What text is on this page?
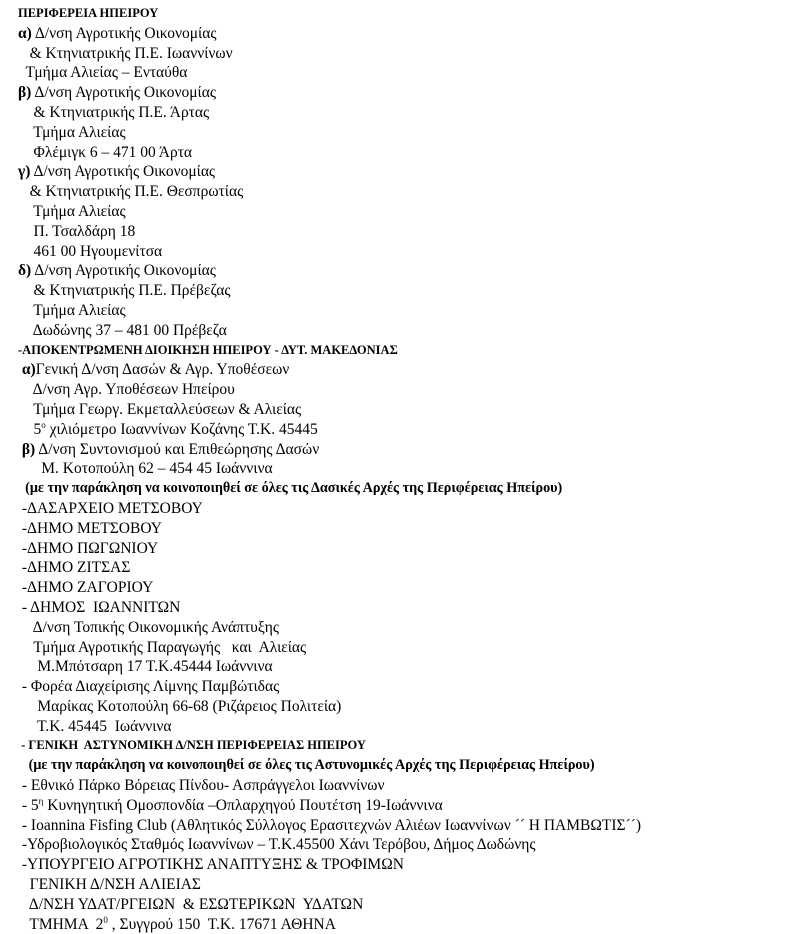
ΠΕΡΙΦΕΡΕΙΑ ΗΠΕΙΡΟΥ
α) Δ/νση Αγροτικής Οικονομίας
& Κτηνιατρικής Π.Ε. Ιωαννίνων
Τμήμα Αλιείας – Ενταύθα
β) Δ/νση Αγροτικής Οικονομίας
& Κτηνιατρικής Π.Ε. Άρτας
Τμήμα Αλιείας
Φλέμιγκ 6 – 471 00 Άρτα
γ) Δ/νση Αγροτικής Οικονομίας
& Κτηνιατρικής Π.Ε. Θεσπρωτίας
Τμήμα Αλιείας
Π. Τσαλδάρη 18
461 00 Ηγουμενίτσα
δ) Δ/νση Αγροτικής Οικονομίας
& Κτηνιατρικής Π.Ε. Πρέβεζας
Τμήμα Αλιείας
Δωδώνης 37 – 481 00 Πρέβεζα
-ΑΠΟΚΕΝΤΡΩΜΕΝΗ ΔΙΟΙΚΗΣΗ ΗΠΕΙΡΟΥ - ΔΥΤ. ΜΑΚΕΔΟΝΙΑΣ
α)Γενική Δ/νση Δασών & Αγρ. Υποθέσεων
Δ/νση Αγρ. Υποθέσεων Ηπείρου
Τμήμα Γεωργ. Εκμεταλλεύσεων & Αλιείας
$5^o$ χιλιόμετρο Ιωαννίνων Κοζάνης Τ.Κ. 45445
β) Δ/νση Συντονισμού και Επιθεώρησης Δασών
Μ. Κοτοπούλη 62 – 454 45 Ιωάννινα
(με την παράκληση να κοινοποιηθεί σε όλες τις Δασικές Αρχές της Περιφέρειας Ηπείρου)
-ΔΑΣΑΡΧΕΙΟ ΜΕΤΣΟΒΟΥ
-ΔΗΜΟ ΜΕΤΣΟΒΟΥ
-ΔΗΜΟ ΠΩΓΩΝΙΟΥ
-ΔΗΜΟ ΖΙΤΣΑΣ
-ΔΗΜΟ ΖΑΓΟΡΙΟΥ
- ΔΗΜΟΣ  ΙΩΑΝΝΙΤΩΝ
Δ/νση Τοπικής Οικονομικής Ανάπτυξης
Τμήμα Αγροτικής Παραγωγής   και  Αλιείας
Μ.Μπότσαρη 17 Τ.Κ.45444 Ιωάννινα
- Φορέα Διαχείρισης Λίμνης Παμβώτιδας
Μαρίκας Κοτοπούλη 66-68 (Ριζάρειος Πολιτεία)
Τ.Κ. 45445  Ιωάννινα
- ΓΕΝΙΚΗ  ΑΣΤΥΝΟΜΙΚΗ Δ/ΝΣΗ ΠΕΡΙΦΕΡΕΙΑΣ ΗΠΕΙΡΟΥ
(με την παράκληση να κοινοποιηθεί σε όλες τις Αστυνομικές Αρχές της Περιφέρειας Ηπείρου)
- Εθνικό Πάρκο Βόρειας Πίνδου- Ασπράγγελοι Ιωαννίνων
- $5^\eta$ Κυνηγητική Ομοσπονδία –Οπλαρχηγού Πουτέτση 19-Ιωάννινα
- Ioannina Fisfing Club (Αθλητικός Σύλλογος Ερασιτεχνών Αλιέων Ιωαννίνων ´´ Η ΠΑΜΒΩΤΙΣ´´)
-Υδροβιολογικός Σταθμός Ιωαννίνων – Τ.Κ.45500 Χάνι Τερόβου, Δήμος Δωδώνης
-ΥΠΟΥΡΓΕΙΟ ΑΓΡΟΤΙΚΗΣ ΑΝΑΠΤΥΞΗΣ & ΤΡΟΦΙΜΩΝ
ΓΕΝΙΚΗ Δ/ΝΣΗ ΑΛΙΕΙΑΣ
Δ/ΝΣΗ ΥΔΑΤ/ΡΓΕΙΩΝ  & ΕΣΩΤΕΡΙΚΩΝ  ΥΔΑΤΩΝ
ΤΜΗΜΑ  $2^0$ , Συγγρού 150  Τ.Κ. 17671 ΑΘΗΝΑ
